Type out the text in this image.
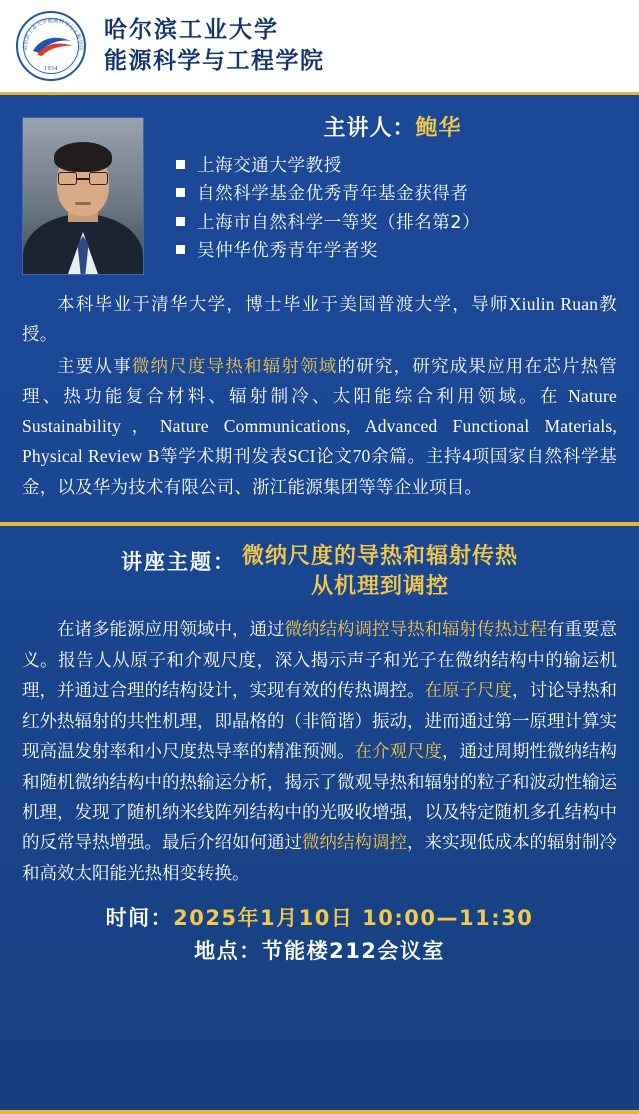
哈尔滨工业大学能源科学与工程学院
1954
哈尔滨工业大学
能源科学与工程学院
主讲人：鲍华
上海交通大学教授
自然科学基金优秀青年基金获得者
上海市自然科学一等奖（排名第2）
吴仲华优秀青年学者奖

本科毕业于清华大学，博士毕业于美国普渡大学，导师Xiulin Ruan教授。

主要从事微纳尺度导热和辐射领域的研究，研究成果应用在芯片热管理、热功能复合材料、辐射制冷、太阳能综合利用领域。在 Nature Sustainability，Nature Communications, Advanced Functional Materials, Physical Review B等学术期刊发表SCI论文70余篇。主持4项国家自然科学基金，以及华为技术有限公司、浙江能源集团等等企业项目。

讲座主题： 微纳尺度的导热和辐射传热
从机理到调控

在诸多能源应用领域中，通过微纳结构调控导热和辐射传热过程有重要意义。报告人从原子和介观尺度，深入揭示声子和光子在微纳结构中的输运机理，并通过合理的结构设计，实现有效的传热调控。在原子尺度，讨论导热和红外热辐射的共性机理，即晶格的（非简谐）振动，进而通过第一原理计算实现高温发射率和小尺度热导率的精准预测。在介观尺度，通过周期性微纳结构和随机微纳结构中的热输运分析，揭示了微观导热和辐射的粒子和波动性输运机理，发现了随机纳米线阵列结构中的光吸收增强，以及特定随机多孔结构中的反常导热增强。最后介绍如何通过微纳结构调控，来实现低成本的辐射制冷和高效太阳能光热相变转换。

时间：2025年1月10日 10:00—11:30
地点：节能楼212会议室
